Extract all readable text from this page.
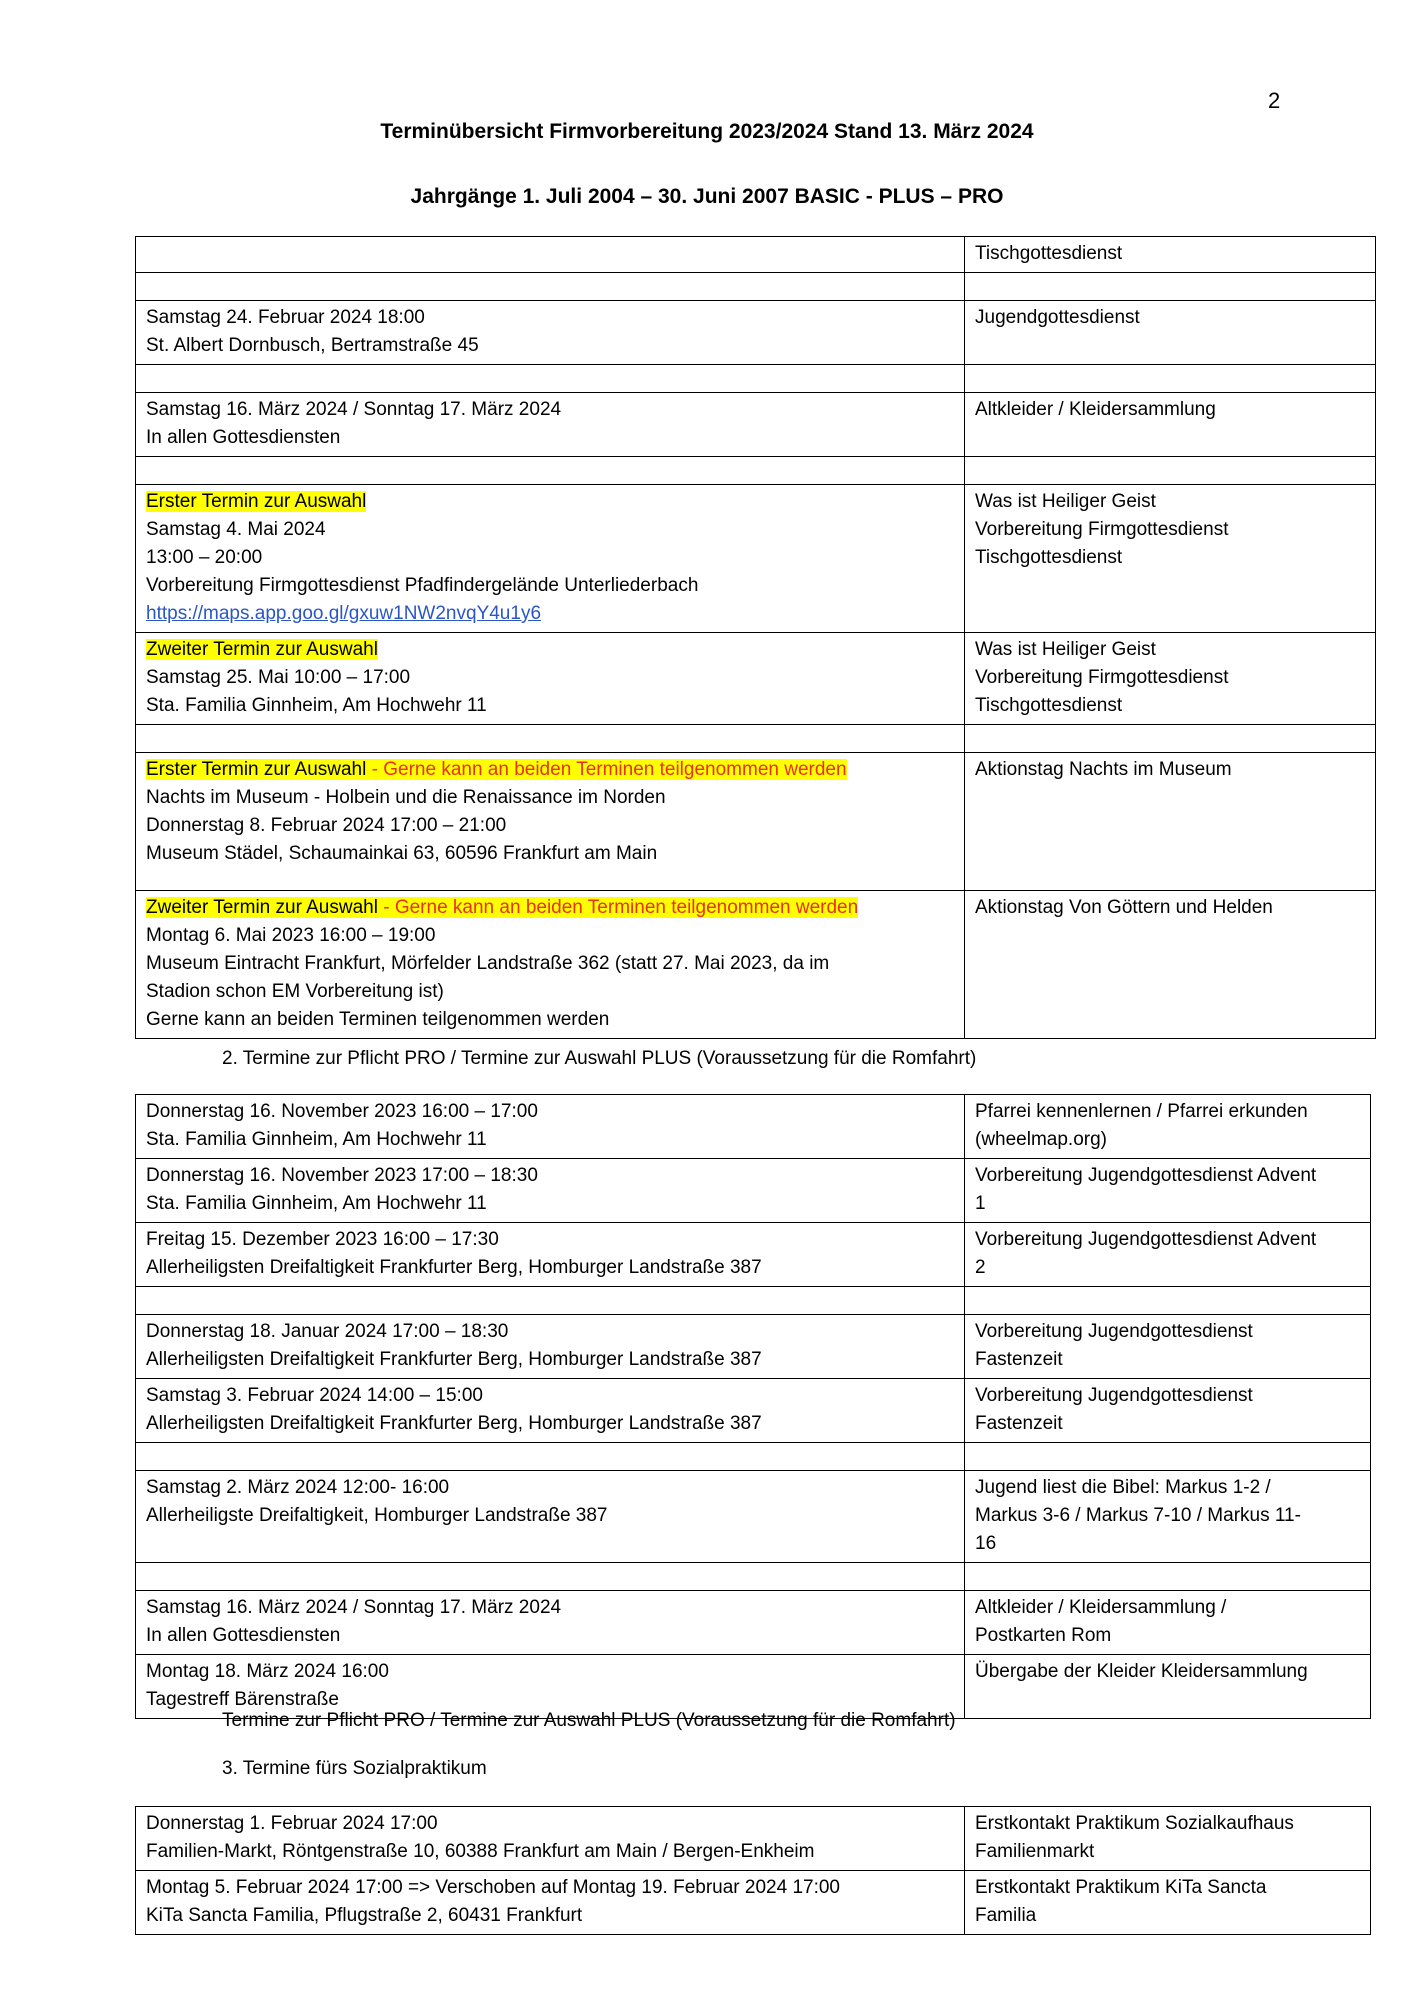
2
Terminübersicht Firmvorbereitung 2023/2024 Stand 13. März 2024
Jahrgänge 1. Juli 2004 – 30. Juni 2007 BASIC - PLUS – PRO

	Tischgottesdienst

Samstag 24. Februar 2024 18:00
St. Albert Dornbusch, Bertramstraße 45	Jugendgottesdienst

Samstag 16. März 2024 / Sonntag 17. März 2024
In allen Gottesdiensten	Altkleider / Kleidersammlung

Erster Termin zur Auswahl
Samstag 4. Mai 2024
13:00 – 20:00
Vorbereitung Firmgottesdienst Pfadfindergelände Unterliederbach
https://maps.app.goo.gl/gxuw1NW2nvqY4u1y6	Was ist Heiliger Geist
Vorbereitung Firmgottesdienst
Tischgottesdienst

Zweiter Termin zur Auswahl
Samstag 25. Mai 10:00 – 17:00
Sta. Familia Ginnheim, Am Hochwehr 11	Was ist Heiliger Geist
Vorbereitung Firmgottesdienst
Tischgottesdienst

Erster Termin zur Auswahl - Gerne kann an beiden Terminen teilgenommen werden
Nachts im Museum - Holbein und die Renaissance im Norden
Donnerstag 8. Februar 2024 17:00 – 21:00
Museum Städel, Schaumainkai 63, 60596 Frankfurt am Main	Aktionstag Nachts im Museum

Zweiter Termin zur Auswahl - Gerne kann an beiden Terminen teilgenommen werden
Montag 6. Mai 2023 16:00 – 19:00
Museum Eintracht Frankfurt, Mörfelder Landstraße 362 (statt 27. Mai 2023, da im
Stadion schon EM Vorbereitung ist)
Gerne kann an beiden Terminen teilgenommen werden	Aktionstag Von Göttern und Helden
2. Termine zur Pflicht PRO / Termine zur Auswahl PLUS (Voraussetzung für die Romfahrt)
Donnerstag 16. November 2023 16:00 – 17:00
Sta. Familia Ginnheim, Am Hochwehr 11	Pfarrei kennenlernen / Pfarrei erkunden
(wheelmap.org)

Donnerstag 16. November 2023 17:00 – 18:30
Sta. Familia Ginnheim, Am Hochwehr 11	Vorbereitung Jugendgottesdienst Advent
1

Freitag 15. Dezember 2023 16:00 – 17:30
Allerheiligsten Dreifaltigkeit Frankfurter Berg, Homburger Landstraße 387	Vorbereitung Jugendgottesdienst Advent
2

Donnerstag 18. Januar 2024 17:00 – 18:30
Allerheiligsten Dreifaltigkeit Frankfurter Berg, Homburger Landstraße 387	Vorbereitung Jugendgottesdienst
Fastenzeit

Samstag 3. Februar 2024 14:00 – 15:00
Allerheiligsten Dreifaltigkeit Frankfurter Berg, Homburger Landstraße 387	Vorbereitung Jugendgottesdienst
Fastenzeit

Samstag 2. März 2024 12:00- 16:00
Allerheiligste Dreifaltigkeit, Homburger Landstraße 387	Jugend liest die Bibel: Markus 1-2 /
Markus 3-6 / Markus 7-10 / Markus 11-
16

Samstag 16. März 2024 / Sonntag 17. März 2024
In allen Gottesdiensten	Altkleider / Kleidersammlung /
Postkarten Rom

Montag 18. März 2024 16:00
Tagestreff Bärenstraße	Übergabe der Kleider Kleidersammlung
Termine zur Pflicht PRO / Termine zur Auswahl PLUS (Voraussetzung für die Romfahrt)
3. Termine fürs Sozialpraktikum
Donnerstag 1. Februar 2024 17:00
Familien-Markt, Röntgenstraße 10, 60388 Frankfurt am Main / Bergen-Enkheim	Erstkontakt Praktikum Sozialkaufhaus
Familienmarkt

Montag 5. Februar 2024 17:00 => Verschoben auf Montag 19. Februar 2024 17:00
KiTa Sancta Familia, Pflugstraße 2, 60431 Frankfurt	Erstkontakt Praktikum KiTa Sancta
Familia
